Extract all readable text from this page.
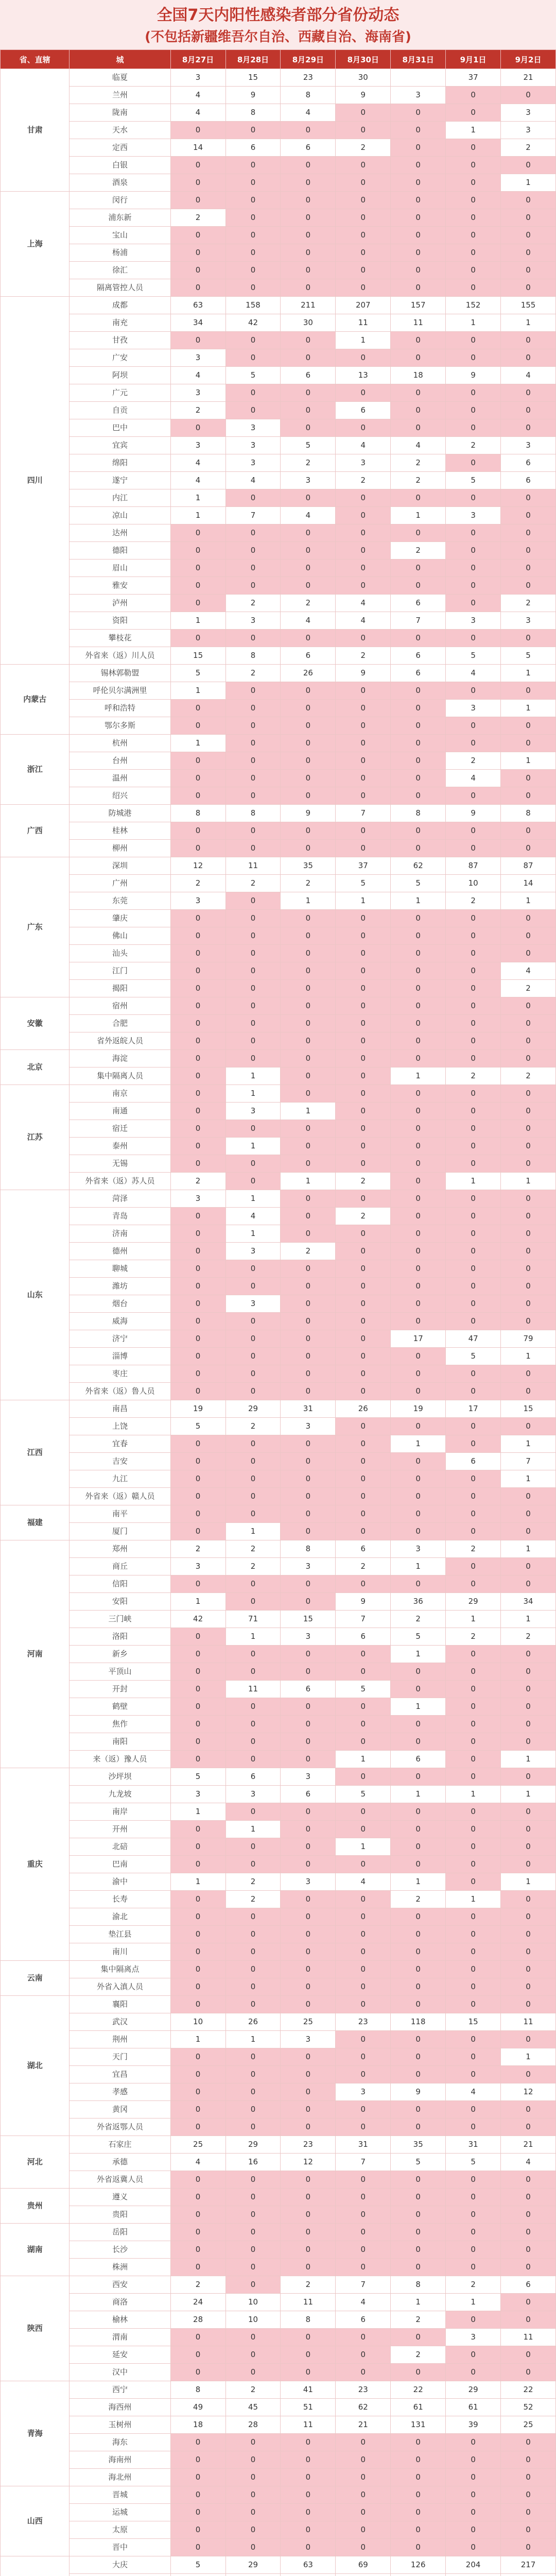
全国7天内阳性感染者部分省份动态
(不包括新疆维吾尔自治、西藏自治、海南省)
省、直辖	城	8月27日	8月28日	8月29日	8月30日	8月31日	9月1日	9月2日
甘肃	临夏	3	15	23	30		37	21
	兰州	4	9	8	9	3	0	0
	陇南	4	8	4	0	0	0	3
	天水	0	0	0	0	0	1	3
	定西	14	6	6	2	0	0	2
	白银	0	0	0	0	0	0	0
	酒泉	0	0	0	0	0	0	1
上海	闵行	0	0	0	0	0	0	0
	浦东新	2	0	0	0	0	0	0
	宝山	0	0	0	0	0	0	0
	杨浦	0	0	0	0	0	0	0
	徐汇	0	0	0	0	0	0	0
	隔离管控人员	0	0	0	0	0	0	0
四川	成都	63	158	211	207	157	152	155
	南充	34	42	30	11	11	1	1
	甘孜	0	0	0	1	0	0	0
	广安	3	0	0	0	0	0	0
	阿坝	4	5	6	13	18	9	4
	广元	3	0	0	0	0	0	0
	自贡	2	0	0	6	0	0	0
	巴中	0	3	0	0	0	0	0
	宜宾	3	3	5	4	4	2	3
	绵阳	4	3	2	3	2	0	6
	遂宁	4	4	3	2	2	5	6
	内江	1	0	0	0	0	0	0
	凉山	1	7	4	0	1	3	0
	达州	0	0	0	0	0	0	0
	德阳	0	0	0	0	2	0	0
	眉山	0	0	0	0	0	0	0
	雅安	0	0	0	0	0	0	0
	泸州	0	2	2	4	6	0	2
	资阳	1	3	4	4	7	3	3
	攀枝花	0	0	0	0	0	0	0
	外省来（返）川人员	15	8	6	2	6	5	5
内蒙古	锡林郭勒盟	5	2	26	9	6	4	1
	呼伦贝尔满洲里	1	0	0	0	0	0	0
	呼和浩特	0	0	0	0	0	3	1
	鄂尔多斯	0	0	0	0	0	0	0
浙江	杭州	1	0	0	0	0	0	0
	台州	0	0	0	0	0	2	1
	温州	0	0	0	0	0	4	0
	绍兴	0	0	0	0	0	0	0
广西	防城港	8	8	9	7	8	9	8
	桂林	0	0	0	0	0	0	0
	柳州	0	0	0	0	0	0	0
广东	深圳	12	11	35	37	62	87	87
	广州	2	2	2	5	5	10	14
	东莞	3	0	1	1	1	2	1
	肇庆	0	0	0	0	0	0	0
	佛山	0	0	0	0	0	0	0
	汕头	0	0	0	0	0	0	0
	江门	0	0	0	0	0	0	4
	揭阳	0	0	0	0	0	0	2
安徽	宿州	0	0	0	0	0	0	0
	合肥	0	0	0	0	0	0	0
	省外返皖人员	0	0	0	0	0	0	0
北京	海淀	0	0	0	0	0	0	0
	集中隔离人员	0	1	0	0	1	2	2
江苏	南京	0	1	0	0	0	0	0
	南通	0	3	1	0	0	0	0
	宿迁	0	0	0	0	0	0	0
	泰州	0	1	0	0	0	0	0
	无锡	0	0	0	0	0	0	0
	外省来（返）苏人员	2	0	1	2	0	1	1
山东	菏泽	3	1	0	0	0	0	0
	青岛	0	4	0	2	0	0	0
	济南	0	1	0	0	0	0	0
	德州	0	3	2	0	0	0	0
	聊城	0	0	0	0	0	0	0
	潍坊	0	0	0	0	0	0	0
	烟台	0	3	0	0	0	0	0
	威海	0	0	0	0	0	0	0
	济宁	0	0	0	0	17	47	79
	淄博	0	0	0	0	0	5	1
	枣庄	0	0	0	0	0	0	0
	外省来（返）鲁人员	0	0	0	0	0	0	0
江西	南昌	19	29	31	26	19	17	15
	上饶	5	2	3	0	0	0	0
	宜春	0	0	0	0	1	0	1
	吉安	0	0	0	0	0	6	7
	九江	0	0	0	0	0	0	1
	外省来（返）赣人员	0	0	0	0	0	0	0
福建	南平	0	0	0	0	0	0	0
	厦门	0	1	0	0	0	0	0
河南	郑州	2	2	8	6	3	2	1
	商丘	3	2	3	2	1	0	0
	信阳	0	0	0	0	0	0	0
	安阳	1	0	0	9	36	29	34
	三门峡	42	71	15	7	2	1	1
	洛阳	0	1	3	6	5	2	2
	新乡	0	0	0	0	1	0	0
	平顶山	0	0	0	0	0	0	0
	开封	0	11	6	5	0	0	0
	鹤壁	0	0	0	0	1	0	0
	焦作	0	0	0	0	0	0	0
	南阳	0	0	0	0	0	0	0
	来（返）豫人员	0	0	0	1	6	0	1
重庆	沙坪坝	5	6	3	0	0	0	0
	九龙坡	3	3	6	5	1	1	1
	南岸	1	0	0	0	0	0	0
	开州	0	1	0	0	0	0	0
	北碚	0	0	0	1	0	0	0
	巴南	0	0	0	0	0	0	0
	渝中	1	2	3	4	1	0	1
	长寿	0	2	0	0	2	1	0
	渝北	0	0	0	0	0	0	0
	垫江县	0	0	0	0	0	0	0
	南川	0	0	0	0	0	0	0
云南	集中隔离点	0	0	0	0	0	0	0
	外省入滇人员	0	0	0	0	0	0	0
湖北	襄阳	0	0	0	0	0	0	0
	武汉	10	26	25	23	118	15	11
	荆州	1	1	3	0	0	0	0
	天门	0	0	0	0	0	0	1
	宜昌	0	0	0	0	0	0	0
	孝感	0	0	0	3	9	4	12
	黄冈	0	0	0	0	0	0	0
	外省返鄂人员	0	0	0	0	0	0	0
河北	石家庄	25	29	23	31	35	31	21
	承德	4	16	12	7	5	5	4
	外省返冀人员	0	0	0	0	0	0	0
贵州	遵义	0	0	0	0	0	0	0
	贵阳	0	0	0	0	0	0	0
湖南	岳阳	0	0	0	0	0	0	0
	长沙	0	0	0	0	0	0	0
	株洲	0	0	0	0	0	0	0
陕西	西安	2	0	2	7	8	2	6
	商洛	24	10	11	4	1	1	0
	榆林	28	10	8	6	2	0	0
	渭南	0	0	0	0	0	3	11
	延安	0	0	0	0	2	0	0
	汉中	0	0	0	0	0	0	0
青海	西宁	8	2	41	23	22	29	22
	海西州	49	45	51	62	61	61	52
	玉树州	18	28	11	21	131	39	25
	海东	0	0	0	0	0	0	0
	海南州	0	0	0	0	0	0	0
	海北州	0	0	0	0	0	0	0
山西	晋城	0	0	0	0	0	0	0
	运城	0	0	0	0	0	0	0
	太原	0	0	0	0	0	0	0
	晋中	0	0	0	0	0	0	0
	大庆	5	29	63	69	126	204	217
